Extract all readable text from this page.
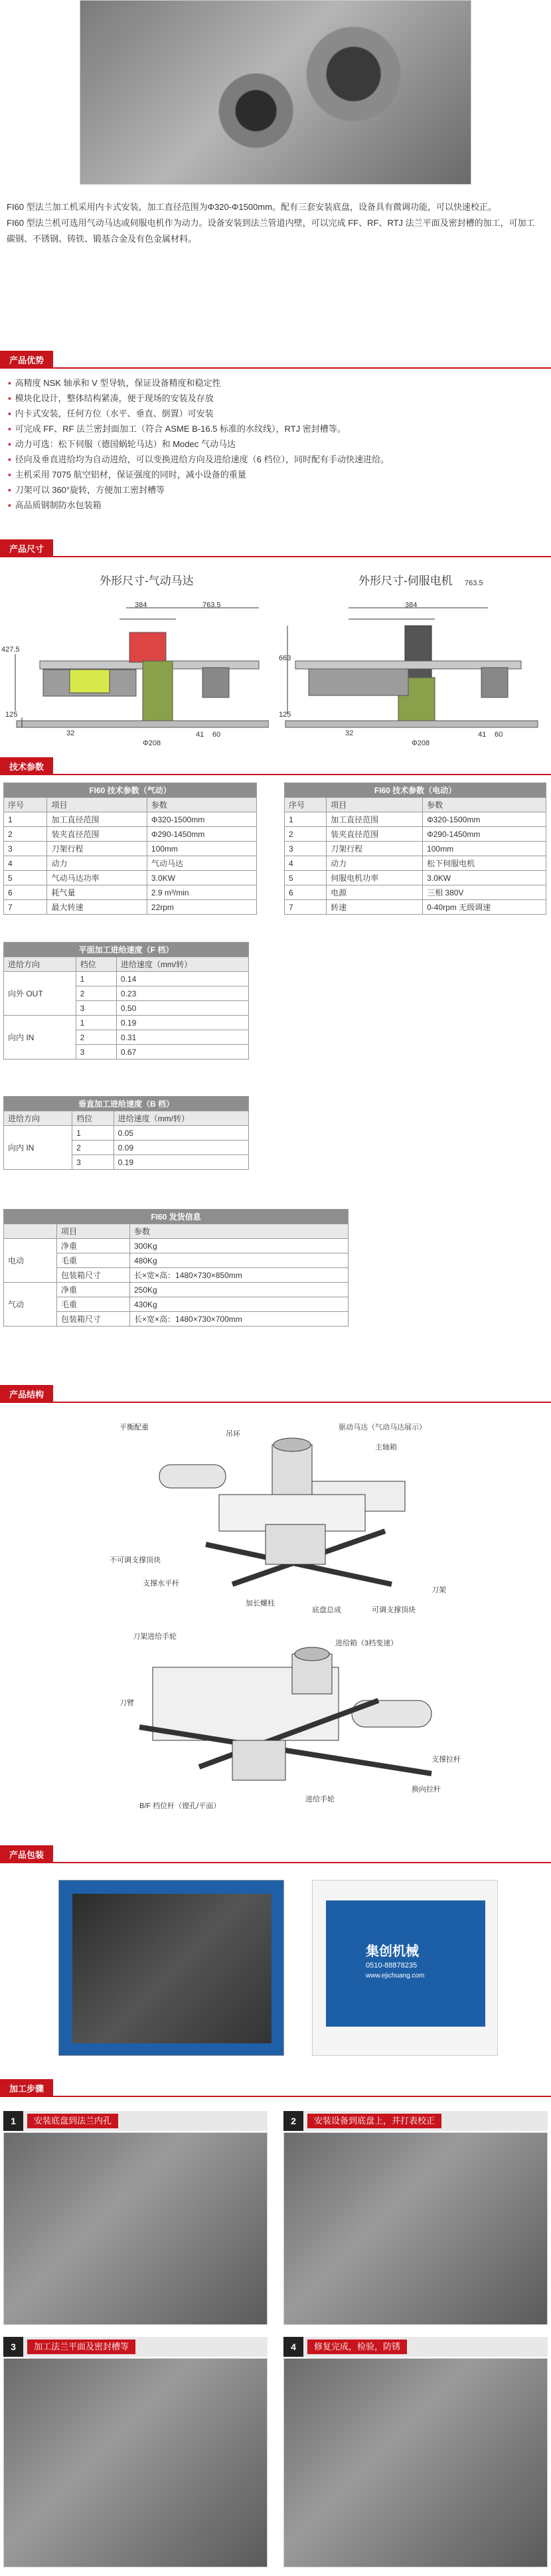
FI60 型法兰加工机采用内卡式安装，加工直径范围为Φ320-Φ1500mm。配有三套安装底盘，设备具有微调功能，可以快速校正。

FI60 型法兰机可选用气动马达或伺服电机作为动力。设备安装到法兰管道内壁，可以完成 FF、RF、RTJ 法兰平面及密封槽的加工，可加工碳钢、不锈钢、铸铁、锻基合金及有色金属材料。

产品优势
▪ 高精度 NSK 轴承和 V 型导轨，保证设备精度和稳定性
▪ 模块化设计，整体结构紧凑，便于现场的安装及存放
▪ 内卡式安装，任何方位（水平、垂直、倒置）可安装
▪ 可完成 FF、RF 法兰密封面加工（符合 ASME B-16.5 标准的水纹线），RTJ 密封槽等。
▪ 动力可选：松下伺服（德国蜗轮马达）和 Modec 气动马达
▪ 径向及垂直进给均为自动进给，可以变换进给方向及进给速度（6 档位），同时配有手动快速进给。
▪ 主机采用 7075 航空铝材，保证强度的同时，减小设备的重量
▪ 刀架可以 360°旋转，方便加工密封槽等
▪ 高品质钢制防水包装箱
产品尺寸
外形尺寸-气动马达	外形尺寸-伺服电机
384	763.5
427.5
125
32
Φ208
41 60
384
763.5
663
125
32
Φ208
41 60
技术参数
FI60 技术参数（气动）		
序号	项目	参数
1	加工直径范围	Φ320-1500mm
2	装夹直径范围	Φ290-1450mm
3	刀架行程	100mm
4	动力	气动马达
5	气动马达功率	3.0KW
6	耗气量	2.9 m³/min
7	最大转速	22rpm
FI60 技术参数（电动）		
序号	项目	参数
1	加工直径范围	Φ320-1500mm
2	装夹直径范围	Φ290-1450mm
3	刀架行程	100mm
4	动力	松下伺服电机
5	伺服电机功率	3.0KW
6	电源	三相 380V
7	转速	0-40rpm 无级调速
平面加工进给速度（F 档）		
进给方向	档位	进给速度（mm/转）
向外 OUT	1	0.14
	2	0.23
	3	0.50
向内 IN	1	0.19
	2	0.31
	3	0.67
垂直加工进给速度（B 档）		
进给方向	档位	进给速度（mm/转）
向内 IN	1	0.05
	2	0.09
	3	0.19
FI60 发货信息		
	项目	参数
电动	净重	300Kg
	毛重	480Kg
	包装箱尺寸	长×宽×高：1480×730×850mm
气动	净重	250Kg
	毛重	430Kg
	包装箱尺寸	长×宽×高：1480×730×700mm
产品结构
平衡配重
吊环
驱动马达（气动马达展示）
主轴箱
不可调支撑顶块
支撑水平杆
加长螺柱
底盘总成	可调支撑顶块
刀架
刀架进给手轮
进给箱（3档变速）
刀臂
支撑拉杆
换向拉杆
B/F 档位杆（镗孔/平面）
进给手轮
产品包装
集创机械
0510-88878235
www.ejichuang.com
加工步骤
1	安装底盘到法兰内孔	2	安装设备到底盘上，并打表校正
3	加工法兰平面及密封槽等	4	修复完成，检验，防锈
